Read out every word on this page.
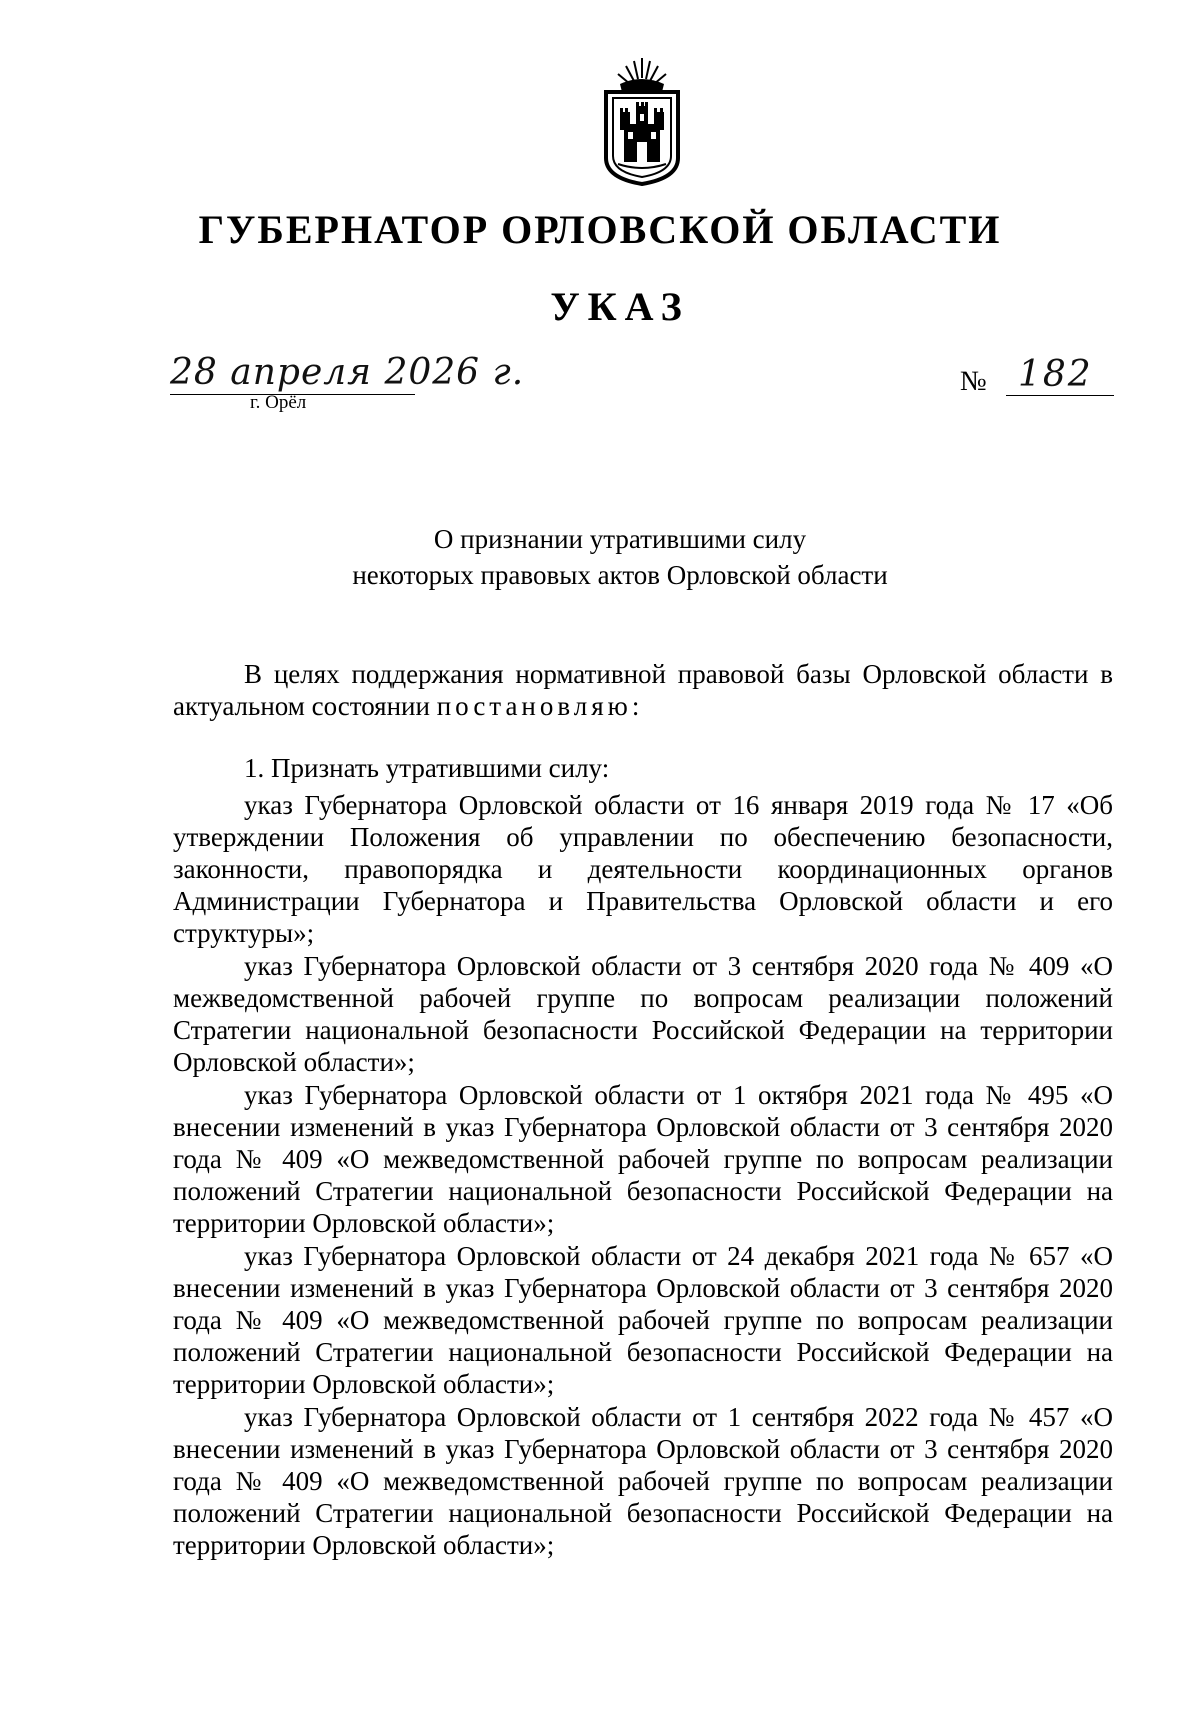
ГУБЕРНАТОР ОРЛОВСКОЙ ОБЛАСТИ
УКАЗ
28 апреля 2026 г.
г. Орёл
№ 182
О признании утратившими силу
некоторых правовых актов Орловской области

В целях поддержания нормативной правовой базы Орловской области в актуальном состоянии постановляю:

1. Признать утратившими силу:

указ Губернатора Орловской области от 16 января 2019 года № 17 «Об утверждении Положения об управлении по обеспечению безопасности, законности, правопорядка и деятельности координационных органов Администрации Губернатора и Правительства Орловской области и его структуры»;

указ Губернатора Орловской области от 3 сентября 2020 года № 409 «О межведомственной рабочей группе по вопросам реализации положений Стратегии национальной безопасности Российской Федерации на территории Орловской области»;

указ Губернатора Орловской области от 1 октября 2021 года № 495 «О внесении изменений в указ Губернатора Орловской области от 3 сентября 2020 года № 409 «О межведомственной рабочей группе по вопросам реализации положений Стратегии национальной безопасности Российской Федерации на территории Орловской области»;

указ Губернатора Орловской области от 24 декабря 2021 года № 657 «О внесении изменений в указ Губернатора Орловской области от 3 сентября 2020 года № 409 «О межведомственной рабочей группе по вопросам реализации положений Стратегии национальной безопасности Российской Федерации на территории Орловской области»;

указ Губернатора Орловской области от 1 сентября 2022 года № 457 «О внесении изменений в указ Губернатора Орловской области от 3 сентября 2020 года № 409 «О межведомственной рабочей группе по вопросам реализации положений Стратегии национальной безопасности Российской Федерации на территории Орловской области»;
